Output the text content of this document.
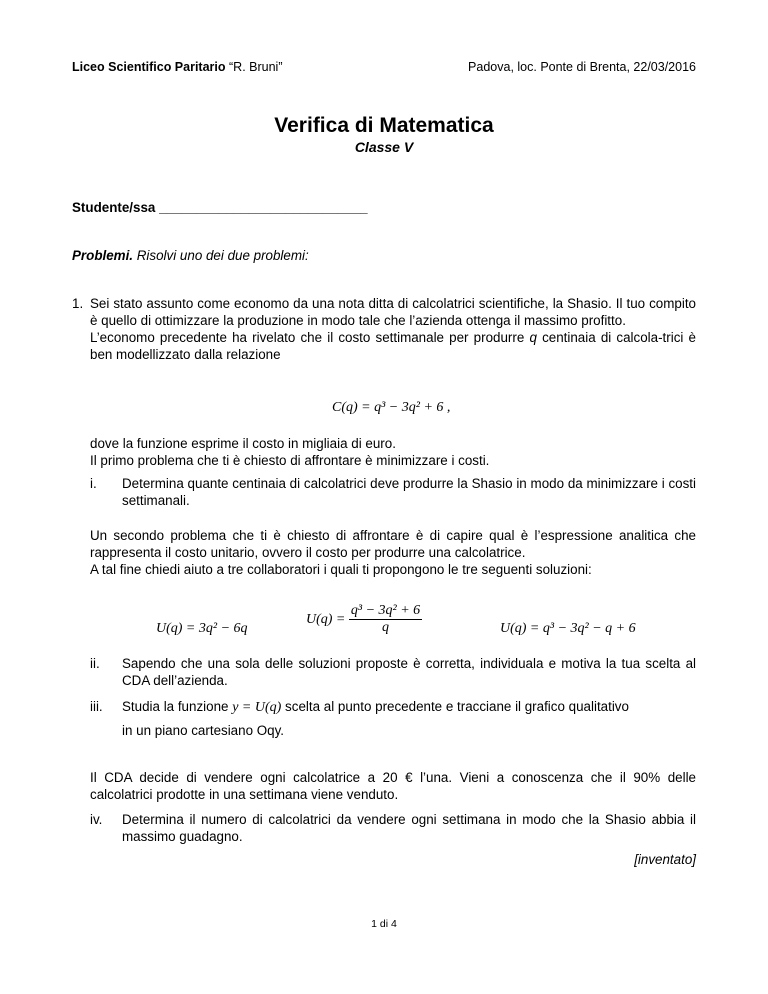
Liceo Scientifico Paritario “R. Bruni”	Padova, loc. Ponte di Brenta, 22/03/2016
Verifica di Matematica
Classe V
Studente/ssa ____________________________
Problemi. Risolvi uno dei due problemi:
1. Sei stato assunto come economo da una nota ditta di calcolatrici scientifiche, la Shasio. Il tuo compito è quello di ottimizzare la produzione in modo tale che l’azienda ottenga il massimo profitto.

L’economo precedente ha rivelato che il costo settimanale per produrre q centinaia di calcola-trici è ben modellizzato dalla relazione

C(q) = q³ − 3q² + 6 ,

dove la funzione esprime il costo in migliaia di euro.

Il primo problema che ti è chiesto di affrontare è minimizzare i costi.

i.	Determina quante centinaia di calcolatrici deve produrre la Shasio in modo da minimizzare i costi settimanali.

Un secondo problema che ti è chiesto di affrontare è di capire qual è l’espressione analitica che rappresenta il costo unitario, ovvero il costo per produrre una calcolatrice.

A tal fine chiedi aiuto a tre collaboratori i quali ti propongono le tre seguenti soluzioni:

U(q) = 3q² − 6q
$U(q) = \frac{\text{q³ − 3q² + 6}}{q}$	U(q) = q³ − 3q² − q + 6
ii.	Sapendo che una sola delle soluzioni proposte è corretta, individuala e motiva la tua scelta al CDA dell’azienda.
iii.	Studia la funzione y = U(q) scelta al punto precedente e tracciane il grafico qualitativo
in un piano cartesiano Oqy.
Il CDA decide di vendere ogni calcolatrice a 20 € l’una. Vieni a conoscenza che il 90% delle calcolatrici prodotte in una settimana viene venduto.
iv.	Determina il numero di calcolatrici da vendere ogni settimana in modo che la Shasio abbia il massimo guadagno.
[inventato]
1 di 4
